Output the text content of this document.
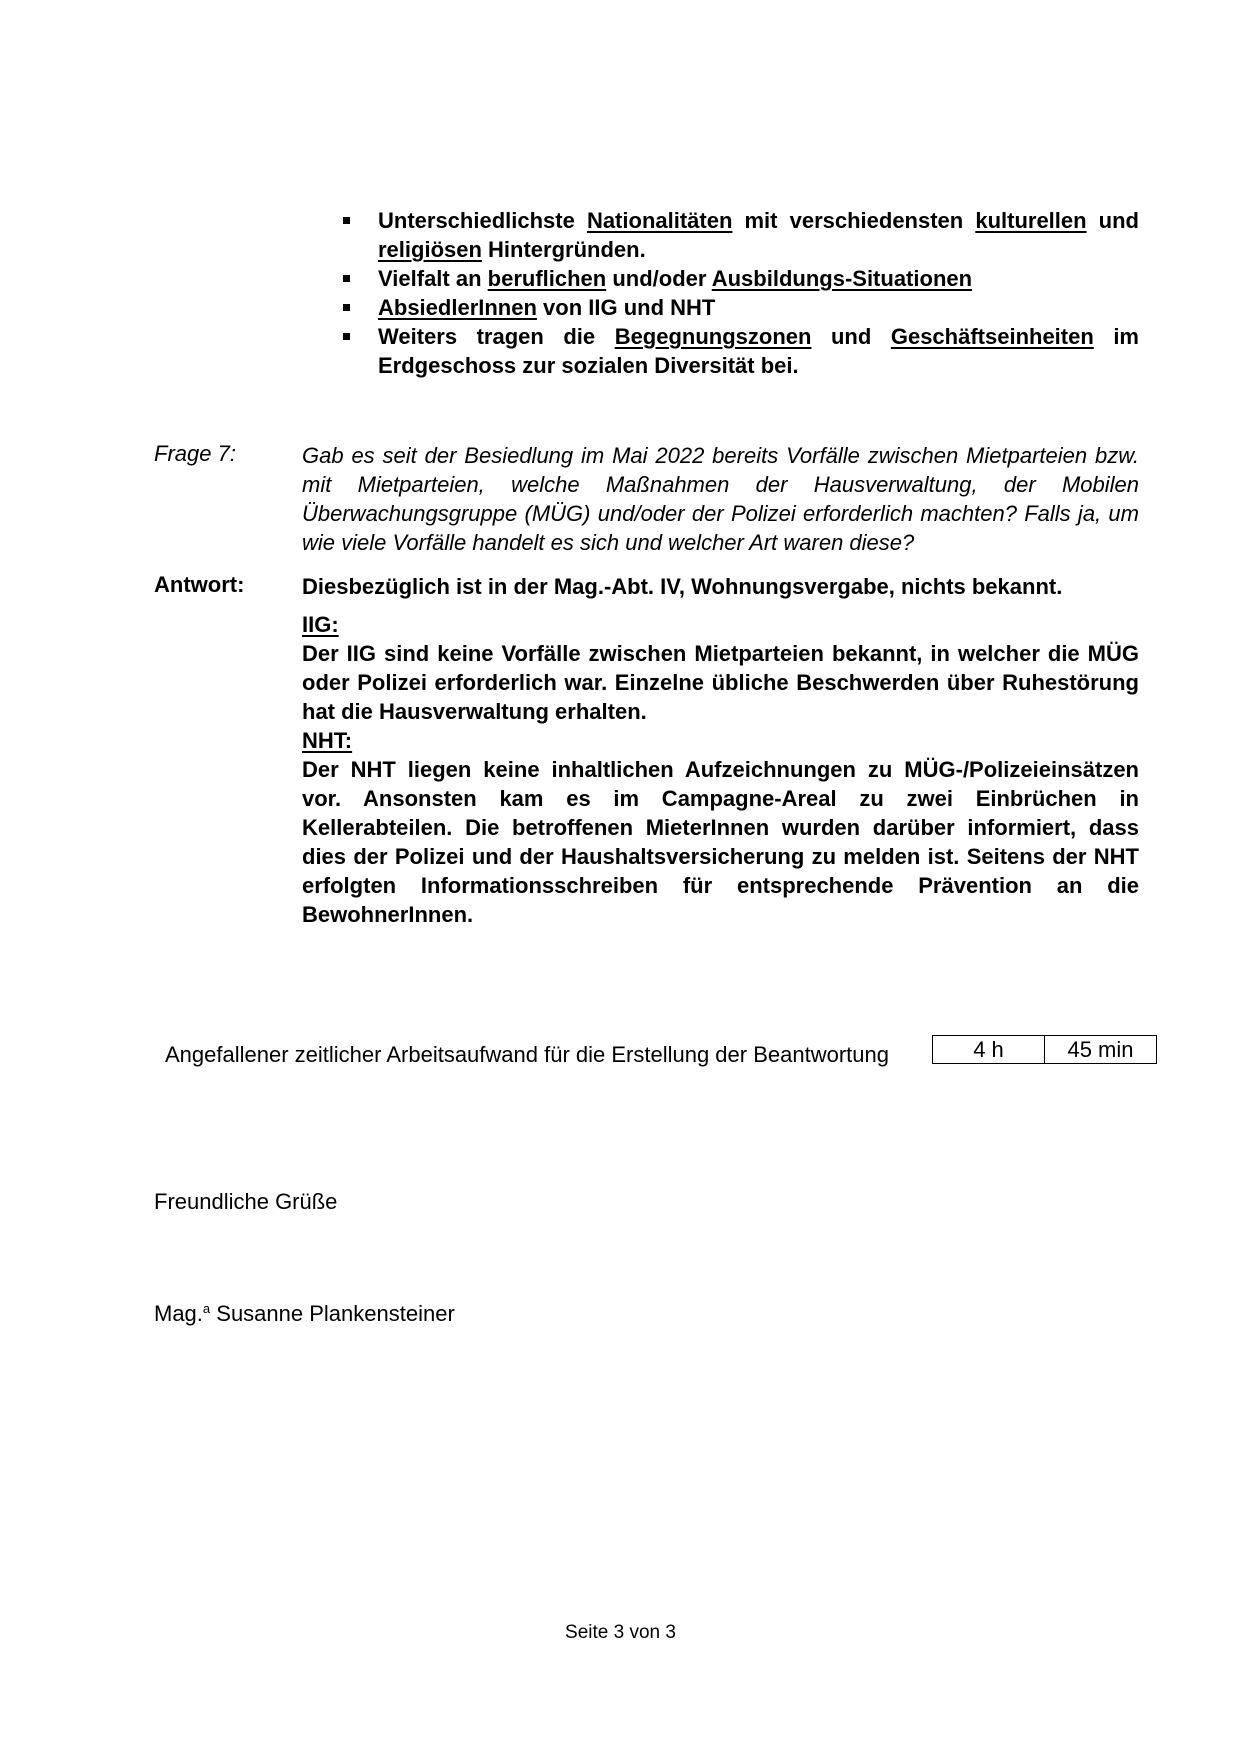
Unterschiedlichste Nationalitäten mit verschiedensten kulturellen und religiösen Hintergründen.
Vielfalt an beruflichen und/oder Ausbildungs-Situationen
AbsiedlerInnen von IIG und NHT
Weiters tragen die Begegnungszonen und Geschäftseinheiten im Erdgeschoss zur sozialen Diversität bei.
Frage 7:	Gab es seit der Besiedlung im Mai 2022 bereits Vorfälle zwischen Mietparteien bzw. mit Mietparteien, welche Maßnahmen der Hausverwaltung, der Mobilen Überwachungsgruppe (MÜG) und/oder der Polizei erforderlich machten? Falls ja, um wie viele Vorfälle handelt es sich und welcher Art waren diese?
Antwort:	Diesbezüglich ist in der Mag.-Abt. IV, Wohnungsvergabe, nichts bekannt.

IIG:

Der IIG sind keine Vorfälle zwischen Mietparteien bekannt, in welcher die MÜG oder Polizei erforderlich war. Einzelne übliche Beschwerden über Ruhestörung hat die Hausverwaltung erhalten.

NHT:

Der NHT liegen keine inhaltlichen Aufzeichnungen zu MÜG-/Polizeieinsätzen vor. Ansonsten kam es im Campagne-Areal zu zwei Einbrüchen in Kellerabteilen. Die betroffenen MieterInnen wurden darüber informiert, dass dies der Polizei und der Haushaltsversicherung zu melden ist. Seitens der NHT erfolgten Informationsschreiben für entsprechende Prävention an die BewohnerInnen.

Angefallener zeitlicher Arbeitsaufwand für die Erstellung der Beantwortung	4 h	45 min
Freundliche Grüße
Mag.$^a$ Susanne Plankensteiner
Seite 3 von 3
